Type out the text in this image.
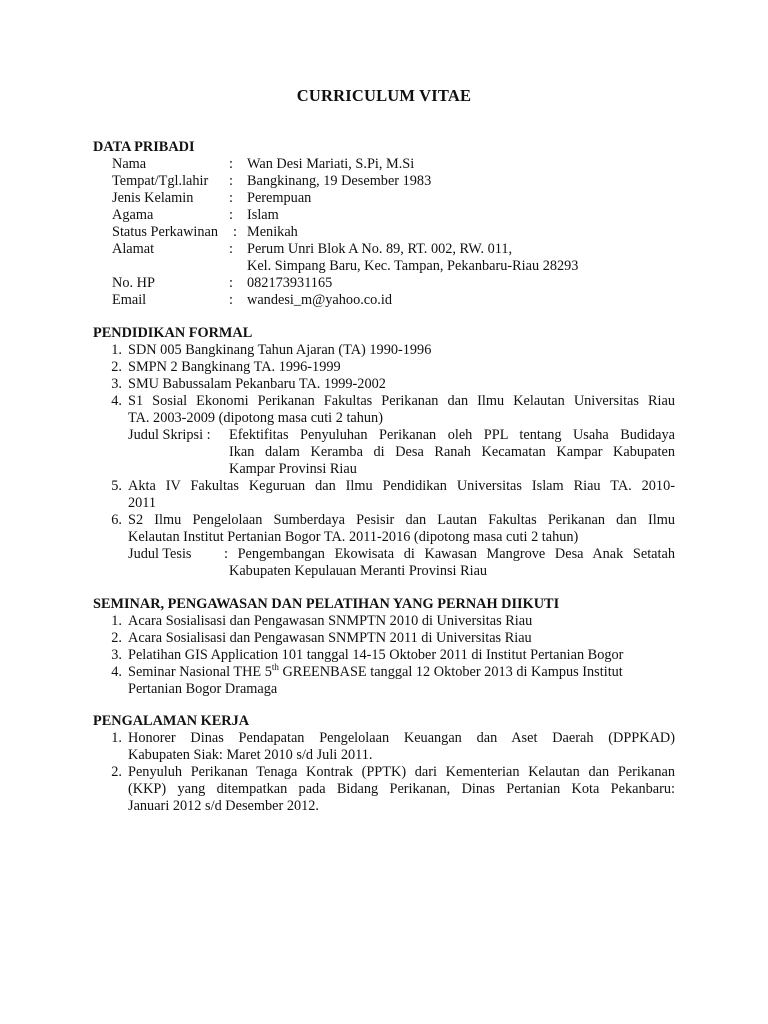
CURRICULUM VITAE
DATA PRIBADI
Nama	: Wan Desi Mariati, S.Pi, M.Si
Tempat/Tgl.lahir : Bangkinang, 19 Desember 1983
Jenis Kelamin : Perempuan
Agama	: Islam
Status Perkawinan : Menikah
Alamat	: Perum Unri Blok A No. 89, RT. 002, RW. 011,
Kel. Simpang Baru, Kec. Tampan, Pekanbaru-Riau 28293
No. HP	: 082173931165
Email	: wandesi_m@yahoo.co.id
PENDIDIKAN FORMAL
1. SDN 005 Bangkinang Tahun Ajaran (TA) 1990-1996
2. SMPN 2 Bangkinang TA. 1996-1999
3. SMU Babussalam Pekanbaru TA. 1999-2002
4. S1 Sosial Ekonomi Perikanan Fakultas Perikanan dan Ilmu Kelautan Universitas Riau
TA. 2003-2009 (dipotong masa cuti 2 tahun)
Judul Skripsi : Efektifitas Penyuluhan Perikanan oleh PPL tentang Usaha Budidaya
Ikan dalam Keramba di Desa Ranah Kecamatan Kampar Kabupaten
Kampar Provinsi Riau
5. Akta IV Fakultas Keguruan dan Ilmu Pendidikan Universitas Islam Riau TA. 2010-
2011
6. S2 Ilmu Pengelolaan Sumberdaya Pesisir dan Lautan Fakultas Perikanan dan Ilmu
Kelautan Institut Pertanian Bogor TA. 2011-2016 (dipotong masa cuti 2 tahun)
Judul Tesis : Pengembangan Ekowisata di Kawasan Mangrove Desa Anak Setatah
Kabupaten Kepulauan Meranti Provinsi Riau
SEMINAR, PENGAWASAN DAN PELATIHAN YANG PERNAH DIIKUTI
1. Acara Sosialisasi dan Pengawasan SNMPTN 2010 di Universitas Riau
2. Acara Sosialisasi dan Pengawasan SNMPTN 2011 di Universitas Riau
3. Pelatihan GIS Application 101 tanggal 14-15 Oktober 2011 di Institut Pertanian Bogor
4. Seminar Nasional THE 5th GREENBASE tanggal 12 Oktober 2013 di Kampus Institut
Pertanian Bogor Dramaga
PENGALAMAN KERJA
1. Honorer Dinas Pendapatan Pengelolaan Keuangan dan Aset Daerah (DPPKAD)
Kabupaten Siak: Maret 2010 s/d Juli 2011.
2. Penyuluh Perikanan Tenaga Kontrak (PPTK) dari Kementerian Kelautan dan Perikanan
(KKP) yang ditempatkan pada Bidang Perikanan, Dinas Pertanian Kota Pekanbaru:
Januari 2012 s/d Desember 2012.
